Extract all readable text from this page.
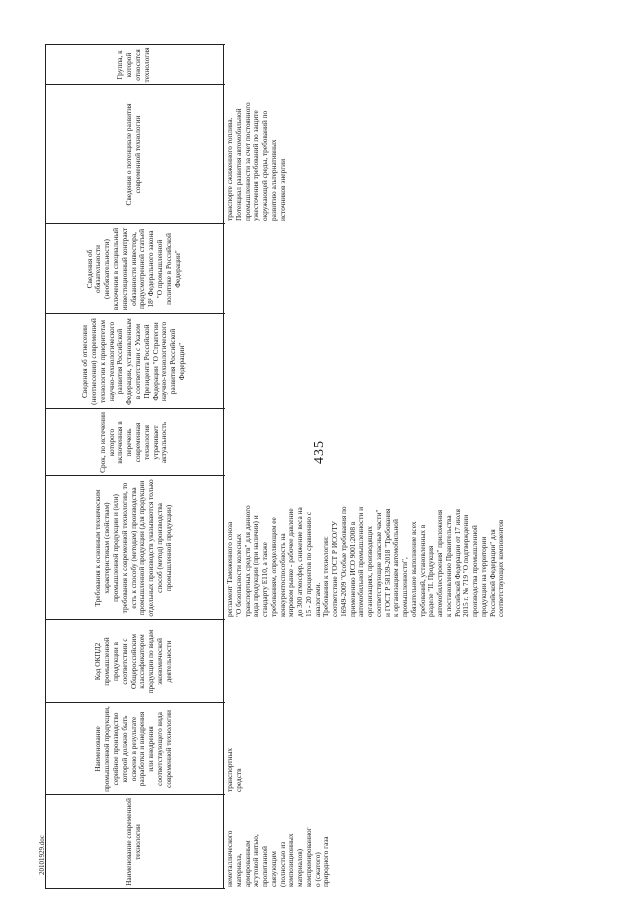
435
20101929.doc	Наименование современной технологии
Наименование промышленной продукции, серийное производство которой должно быть освоено в результате разработки и внедрения или внедрения соответствующего вида современной технологии
Код ОКПД2 промышленной продукции в соответствии с Общероссийским классификатором продукции по видам экономической деятельности
Требования к основным техническим характеристикам (свойствам) промышленной продукции и (или) требования к современной технологии, то есть к способу (методам) производства промышленной продукции (для продукции отдельных производств указываются только способ (метод) производства промышленной продукции)
Срок, по истечении которого включенная в перечень современная технология утрачивает актуальность
Сведения об отнесении (неотнесении) современной технологии к приоритетам научно-технологического развития Российской Федерации, установленным в соответствии с Указом Президента Российской Федерации "О Стратегии научно-технологического развития Российской Федерации"
Сведения об обязательности (необязательности) включения в специальный инвестиционный контракт обязанности инвестора, предусмотренной статьей 18¹ Федерального закона "О промышленной политике в Российской Федерации"
Сведения о потенциале развития современной технологии
Группа, к которой относится технология
неметаллического
материала,
армированным
жгутовой нитью,
пропитанной
связующим
(полностью из
композиционных
материалов)
компримированног
о (сжатого)
природного газа
транспортных
средств
регламент Таможенного союза
"О безопасности колесных
транспортных средств" для данного
вида продукции (при наличии) и
стандарту Е110, а также
требованиям, определяющим ее
конкурентоспособность на
мировом рынке - рабочее давление
до 300 атмосфер, снижение веса на
15 - 20 процентов по сравнению с
аналогами.
Требования к технологии:
соответствие ГОСТ Р ИСО/ТУ
16949-2009 "Особые требования по
применению ИСО 9001:2008 в
автомобильной промышленности и
организациях, производящих
соответствующие запасные части"
и ГОСТ Р 58139-2018 "Требования
к организациям автомобильной
промышленности",
обязательное выполнение всех
требований, установленных в
разделе "II. Продукция
автомобилестроения" приложения
к постановлению Правительства
Российской Федерации от 17 июля
2015 г. № 719 "О подтверждении
производства промышленной
продукции на территории
Российской Федерации" для
соответствующих компонентов
транспорте сжиженного топлива.
Потенциал развития автомобильной
промышленности за счет постоянного
ужесточения требований по защите
окружающей среды, требований по
развитию альтернативных
источников энергии
